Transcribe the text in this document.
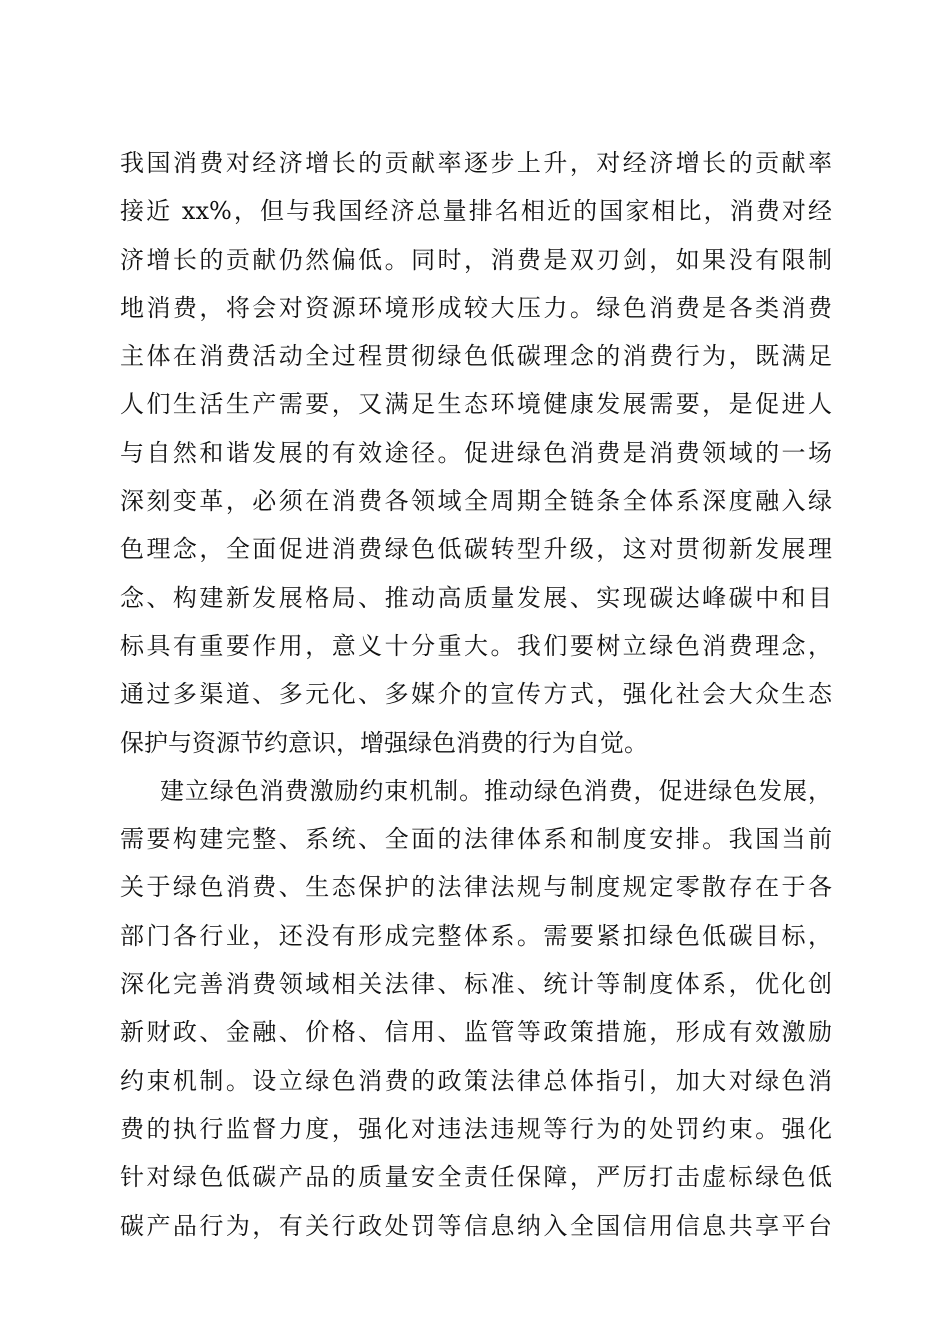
我国消费对经济增长的贡献率逐步上升，对经济增长的贡献率
接近 xx%，但与我国经济总量排名相近的国家相比，消费对经
济增长的贡献仍然偏低。同时，消费是双刃剑，如果没有限制
地消费，将会对资源环境形成较大压力。绿色消费是各类消费
主体在消费活动全过程贯彻绿色低碳理念的消费行为，既满足
人们生活生产需要，又满足生态环境健康发展需要，是促进人
与自然和谐发展的有效途径。促进绿色消费是消费领域的一场
深刻变革，必须在消费各领域全周期全链条全体系深度融入绿
色理念，全面促进消费绿色低碳转型升级，这对贯彻新发展理
念、构建新发展格局、推动高质量发展、实现碳达峰碳中和目
标具有重要作用，意义十分重大。我们要树立绿色消费理念，
通过多渠道、多元化、多媒介的宣传方式，强化社会大众生态
保护与资源节约意识，增强绿色消费的行为自觉。
建立绿色消费激励约束机制。推动绿色消费，促进绿色发展，
需要构建完整、系统、全面的法律体系和制度安排。我国当前
关于绿色消费、生态保护的法律法规与制度规定零散存在于各
部门各行业，还没有形成完整体系。需要紧扣绿色低碳目标，
深化完善消费领域相关法律、标准、统计等制度体系，优化创
新财政、金融、价格、信用、监管等政策措施，形成有效激励
约束机制。设立绿色消费的政策法律总体指引，加大对绿色消
费的执行监督力度，强化对违法违规等行为的处罚约束。强化
针对绿色低碳产品的质量安全责任保障，严厉打击虚标绿色低
碳产品行为，有关行政处罚等信息纳入全国信用信息共享平台
